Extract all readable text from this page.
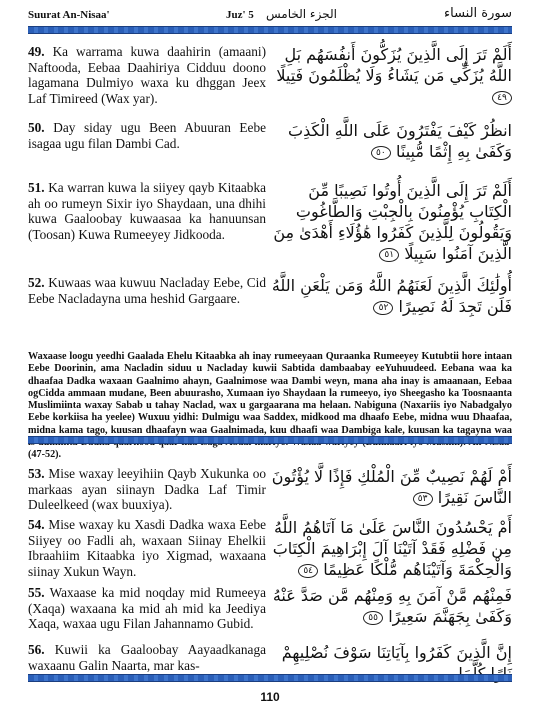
Suurat An-Nisaa'	Juz' 5 الجزء الخامس	سورة النساء
49. Ka warrama kuwa daahirin (amaani) Naftooda, Eebaa Daahiriya Cidduu doono lagamana Dulmiyo waxa ku dhggan Jeex Laf Timireed (Wax yar).
أَلَمْ تَرَ إِلَى الَّذِينَ يُزَكُّونَ أَنفُسَهُم بَلِ اللَّهُ يُزَكِّي مَن يَشَاءُ وَلَا يُظْلَمُونَ فَتِيلًا ٤٩
50. Day siday ugu Been Abuuran Eebe isagaa ugu filan Dambi Cad.
انظُرْ كَيْفَ يَفْتَرُونَ عَلَى اللَّهِ الْكَذِبَ وَكَفَىٰ بِهِ إِثْمًا مُّبِينًا ٥٠
51. Ka warran kuwa la siiyey qayb Kitaabka ah oo rumeyn Sixir iyo Shaydaan, una dhihi kuwa Gaaloobay kuwaasaa ka hanuunsan (Toosan) Kuwa Rumeeyey Jidkooda.
أَلَمْ تَرَ إِلَى الَّذِينَ أُوتُوا نَصِيبًا مِّنَ الْكِتَابِ يُؤْمِنُونَ بِالْجِبْتِ وَالطَّاغُوتِ وَيَقُولُونَ لِلَّذِينَ كَفَرُوا هَٰؤُلَاءِ أَهْدَىٰ مِنَ الَّذِينَ آمَنُوا سَبِيلًا ٥١
52. Kuwaas waa kuwuu Nacladay Eebe, Cid Eebe Nacladayna uma heshid Gargaare.
أُولَٰئِكَ الَّذِينَ لَعَنَهُمُ اللَّهُ وَمَن يَلْعَنِ اللَّهُ فَلَن تَجِدَ لَهُ نَصِيرًا ٥٢
Waxaase loogu yeedhi Gaalada Ehelu Kitaabka ah inay rumeeyaan Quraanka Rumeeyey Kutubtii hore intaan Eebe Doorinin, ama Nacladin siduu u Nacladay kuwii Sabtida dambaabay eeYuhuudeed. Eebana waa ka dhaafaa Dadka waxaan Gaalnimo ahayn, Gaalnimose waa Dambi weyn, mana aha inay is amaanaan, Eebaa ogCidda ammaan mudane, Been abuurasho, Xumaan iyo Shaydaan la rumeeyo, iyo Sheegasho ka Toosnaanta Muslimiinta waxay Sabab u tahay Naclad, wax u gargaarana ma helaan. Nabiguna (Naxariis iyo Nabadgalyo Eebe korkiisa ha yeelee) Wuxuu yidhi: Dulmigu waa Saddex, midkood ma dhaafo Eebe, midna wuu Dhaafaa, midna kama tago, kuusan dhaafayn waa Gaalnimada, kuu dhaafi waa Dambiga kale, kuusan ka tagayna waa (47-52).
53. Mise waxay leeyihiin Qayb Xukunka oo markaas ayan siinayn Dadka Laf Timir Duleelkeed (wax buuxiya).
أَمْ لَهُمْ نَصِيبٌ مِّنَ الْمُلْكِ فَإِذًا لَّا يُؤْتُونَ النَّاسَ نَقِيرًا ٥٣
54. Mise waxay ku Xasdi Dadka waxa Eebe Siiyey oo Fadli ah, waxaan Siinay Ehelkii Ibraahiim Kitaabka iyo Xigmad, waxaana siinay Xukun Wayn.
أَمْ يَحْسُدُونَ النَّاسَ عَلَىٰ مَا آتَاهُمُ اللَّهُ مِن فَضْلِهِ فَقَدْ آتَيْنَا آلَ إِبْرَاهِيمَ الْكِتَابَ وَالْحِكْمَةَ وَآتَيْنَاهُم مُّلْكًا عَظِيمًا ٥٤
55. Waxaase ka mid noqday mid Rumeeya (Xaqa) waxaana ka mid ah mid ka Jeediya Xaqa, waxaa ugu Filan Jahannamo Gubid.
فَمِنْهُم مَّنْ آمَنَ بِهِ وَمِنْهُم مَّن صَدَّ عَنْهُ وَكَفَىٰ بِجَهَنَّمَ سَعِيرًا ٥٥
56. Kuwii ka Gaaloobay Aayaadkanaga waxaanu Galin Naarta, mar kas-
إِنَّ الَّذِينَ كَفَرُوا بِآيَاتِنَا سَوْفَ نُصْلِيهِمْ
110
